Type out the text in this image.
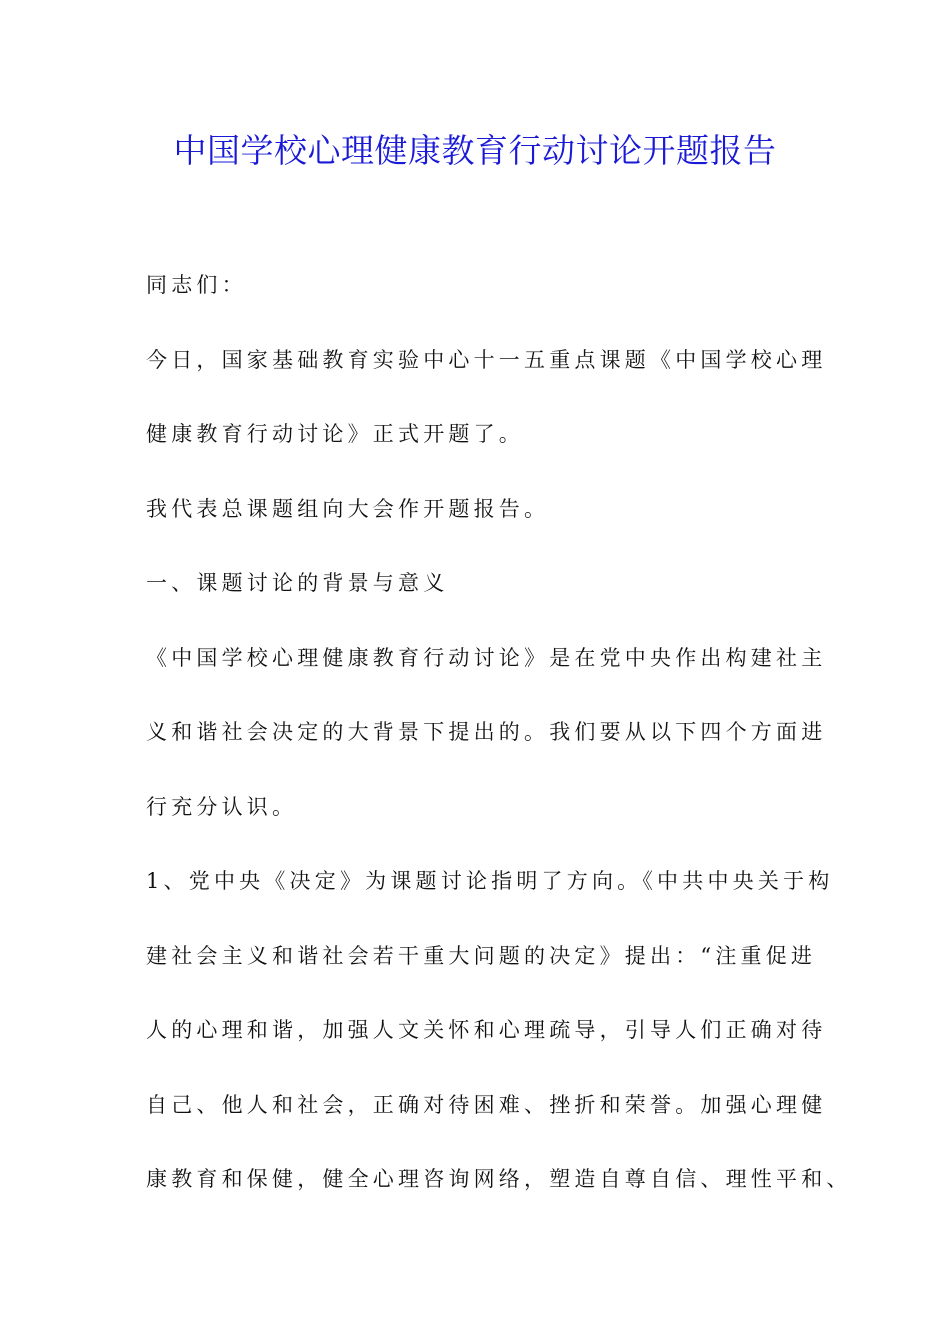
中国学校心理健康教育行动讨论开题报告
同志们：
今日，国家基础教育实验中心十一五重点课题《中国学校心理
健康教育行动讨论》正式开题了。
我代表总课题组向大会作开题报告。
一、课题讨论的背景与意义
《中国学校心理健康教育行动讨论》是在党中央作出构建社主
义和谐社会决定的大背景下提出的。我们要从以下四个方面进
行充分认识。
1、党中央《决定》为课题讨论指明了方向。《中共中央关于构
建社会主义和谐社会若干重大问题的决定》提出：“注重促进
人的心理和谐，加强人文关怀和心理疏导，引导人们正确对待
自己、他人和社会，正确对待困难、挫折和荣誉。加强心理健
康教育和保健，健全心理咨询网络，塑造自尊自信、理性平和、
